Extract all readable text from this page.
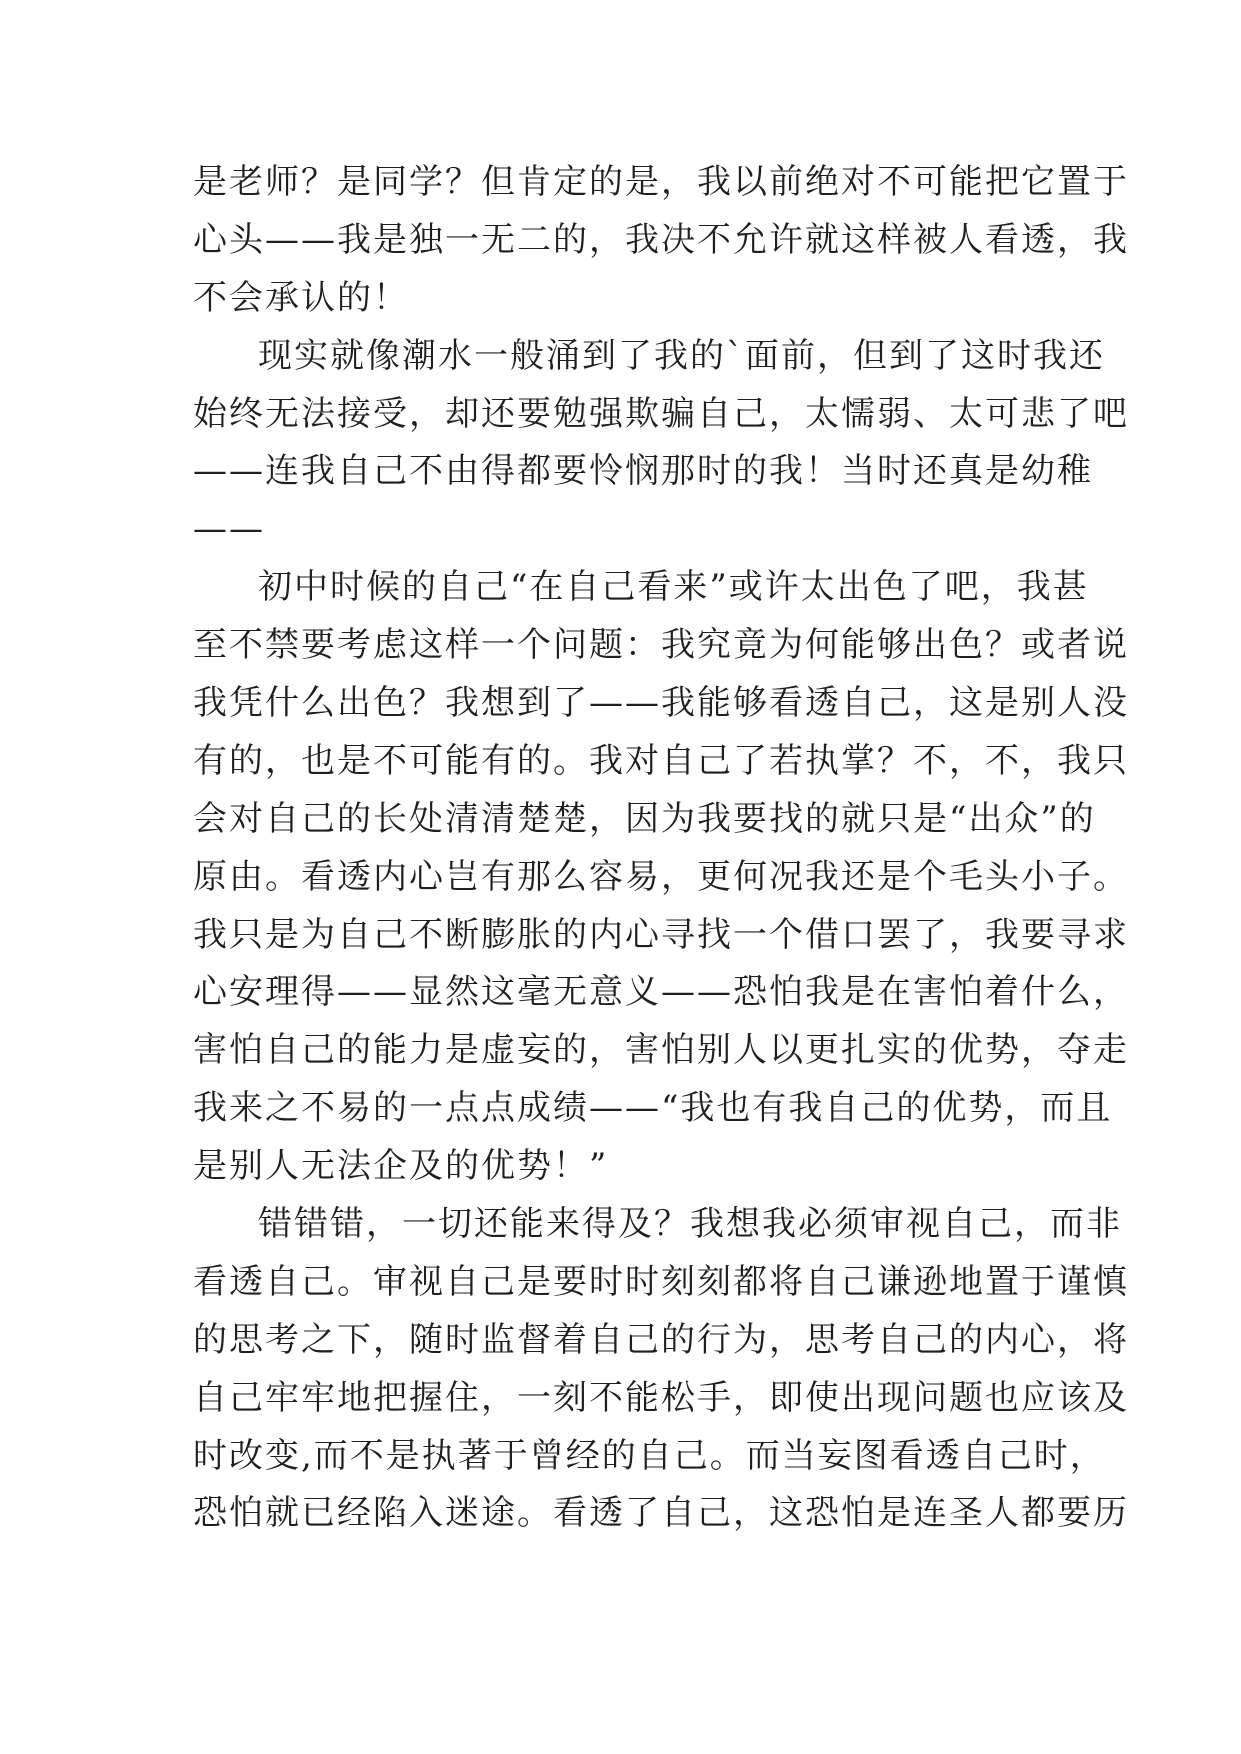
是老师？是同学？但肯定的是，我以前绝对不可能把它置于
心头——我是独一无二的，我决不允许就这样被人看透，我
不会承认的！
现实就像潮水一般涌到了我的`面前，但到了这时我还
始终无法接受，却还要勉强欺骗自己，太懦弱、太可悲了吧
——连我自己不由得都要怜悯那时的我！当时还真是幼稚
——
初中时候的自己“在自己看来”或许太出色了吧，我甚
至不禁要考虑这样一个问题：我究竟为何能够出色？或者说
我凭什么出色？我想到了——我能够看透自己，这是别人没
有的，也是不可能有的。我对自己了若执掌？不，不，我只
会对自己的长处清清楚楚，因为我要找的就只是“出众”的
原由。看透内心岂有那么容易，更何况我还是个毛头小子。
我只是为自己不断膨胀的内心寻找一个借口罢了，我要寻求
心安理得——显然这毫无意义——恐怕我是在害怕着什么，
害怕自己的能力是虚妄的，害怕别人以更扎实的优势，夺走
我来之不易的一点点成绩——“我也有我自己的优势，而且
是别人无法企及的优势！”
错错错，一切还能来得及？我想我必须审视自己，而非
看透自己。审视自己是要时时刻刻都将自己谦逊地置于谨慎
的思考之下，随时监督着自己的行为，思考自己的内心，将
自己牢牢地把握住，一刻不能松手，即使出现问题也应该及
时改变,而不是执著于曾经的自己。而当妄图看透自己时，
恐怕就已经陷入迷途。看透了自己，这恐怕是连圣人都要历
